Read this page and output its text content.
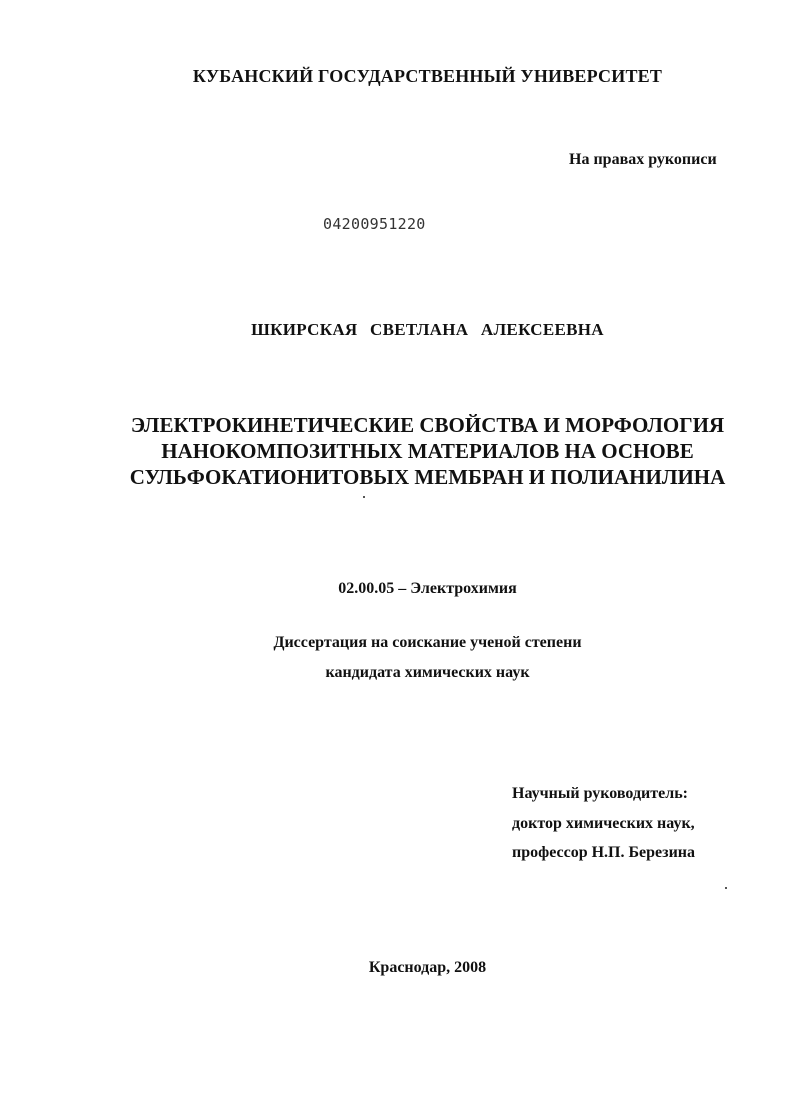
КУБАНСКИЙ ГОСУДАРСТВЕННЫЙ УНИВЕРСИТЕТ
На правах рукописи
04200951220
ШКИРСКАЯ СВЕТЛАНА АЛЕКСЕЕВНА
ЭЛЕКТРОКИНЕТИЧЕСКИЕ СВОЙСТВА И МОРФОЛОГИЯ
НАНОКОМПОЗИТНЫХ МАТЕРИАЛОВ НА ОСНОВЕ
СУЛЬФОКАТИОНИТОВЫХ МЕМБРАН И ПОЛИАНИЛИНА
02.00.05 – Электрохимия
Диссертация на соискание ученой степени
кандидата химических наук
Научный руководитель:
доктор химических наук,
профессор Н.П. Березина
Краснодар, 2008
